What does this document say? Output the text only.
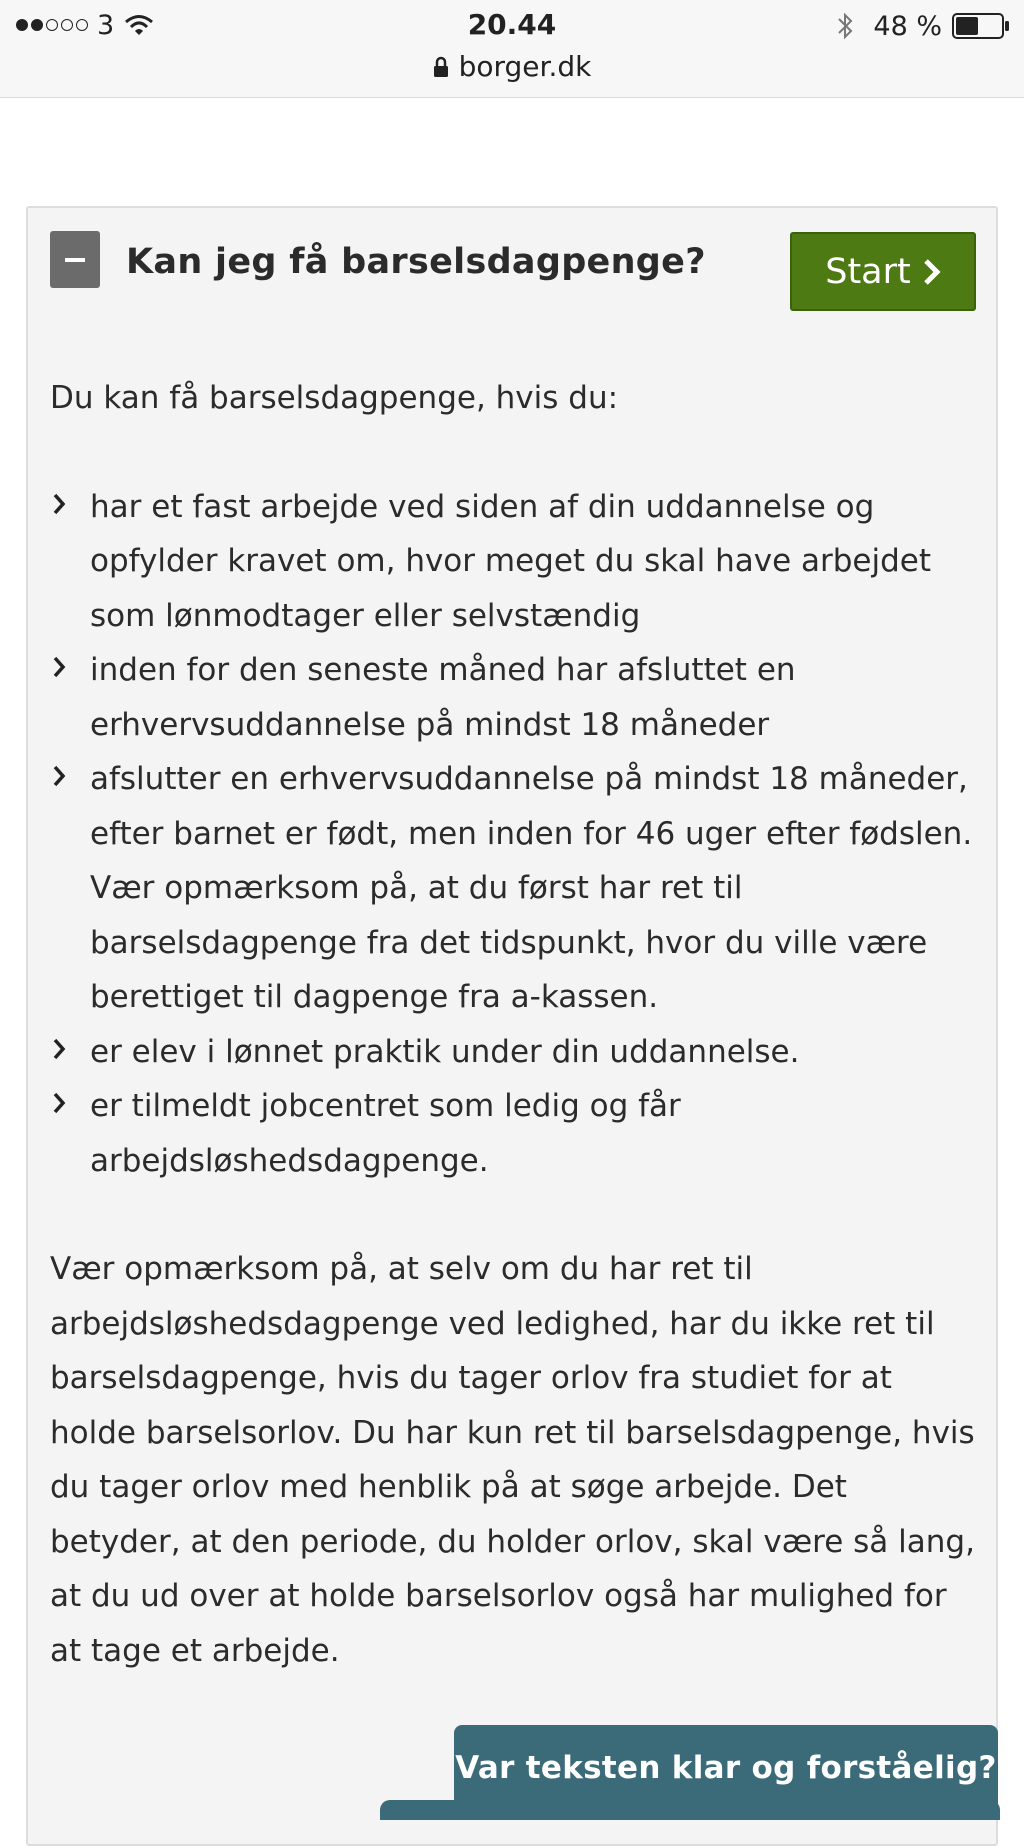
3	20.44
borger.dk
48 %
Kan jeg få barselsdagpenge?	Start

Du kan få barselsdagpenge, hvis du:

har et fast arbejde ved siden af din uddannelse og opfylder kravet om, hvor meget du skal have arbejdet som lønmodtager eller selvstændig
inden for den seneste måned har afsluttet en erhvervsuddannelse på mindst 18 måneder
afslutter en erhvervsuddannelse på mindst 18 måneder, efter barnet er født, men inden for 46 uger efter fødslen. Vær opmærksom på, at du først har ret til barselsdagpenge fra det tidspunkt, hvor du ville være berettiget til dagpenge fra a-kassen.
er elev i lønnet praktik under din uddannelse.
er tilmeldt jobcentret som ledig og får arbejdsløshedsdagpenge.

Vær opmærksom på, at selv om du har ret til arbejdsløshedsdagpenge ved ledighed, har du ikke ret til barselsdagpenge, hvis du tager orlov fra studiet for at holde barselsorlov. Du har kun ret til barselsdagpenge, hvis du tager orlov med henblik på at søge arbejde. Det betyder, at den periode, du holder orlov, skal være så lang, at du ud over at holde barselsorlov også har mulighed for at tage et arbejde.

Var teksten klar og forståelig?
